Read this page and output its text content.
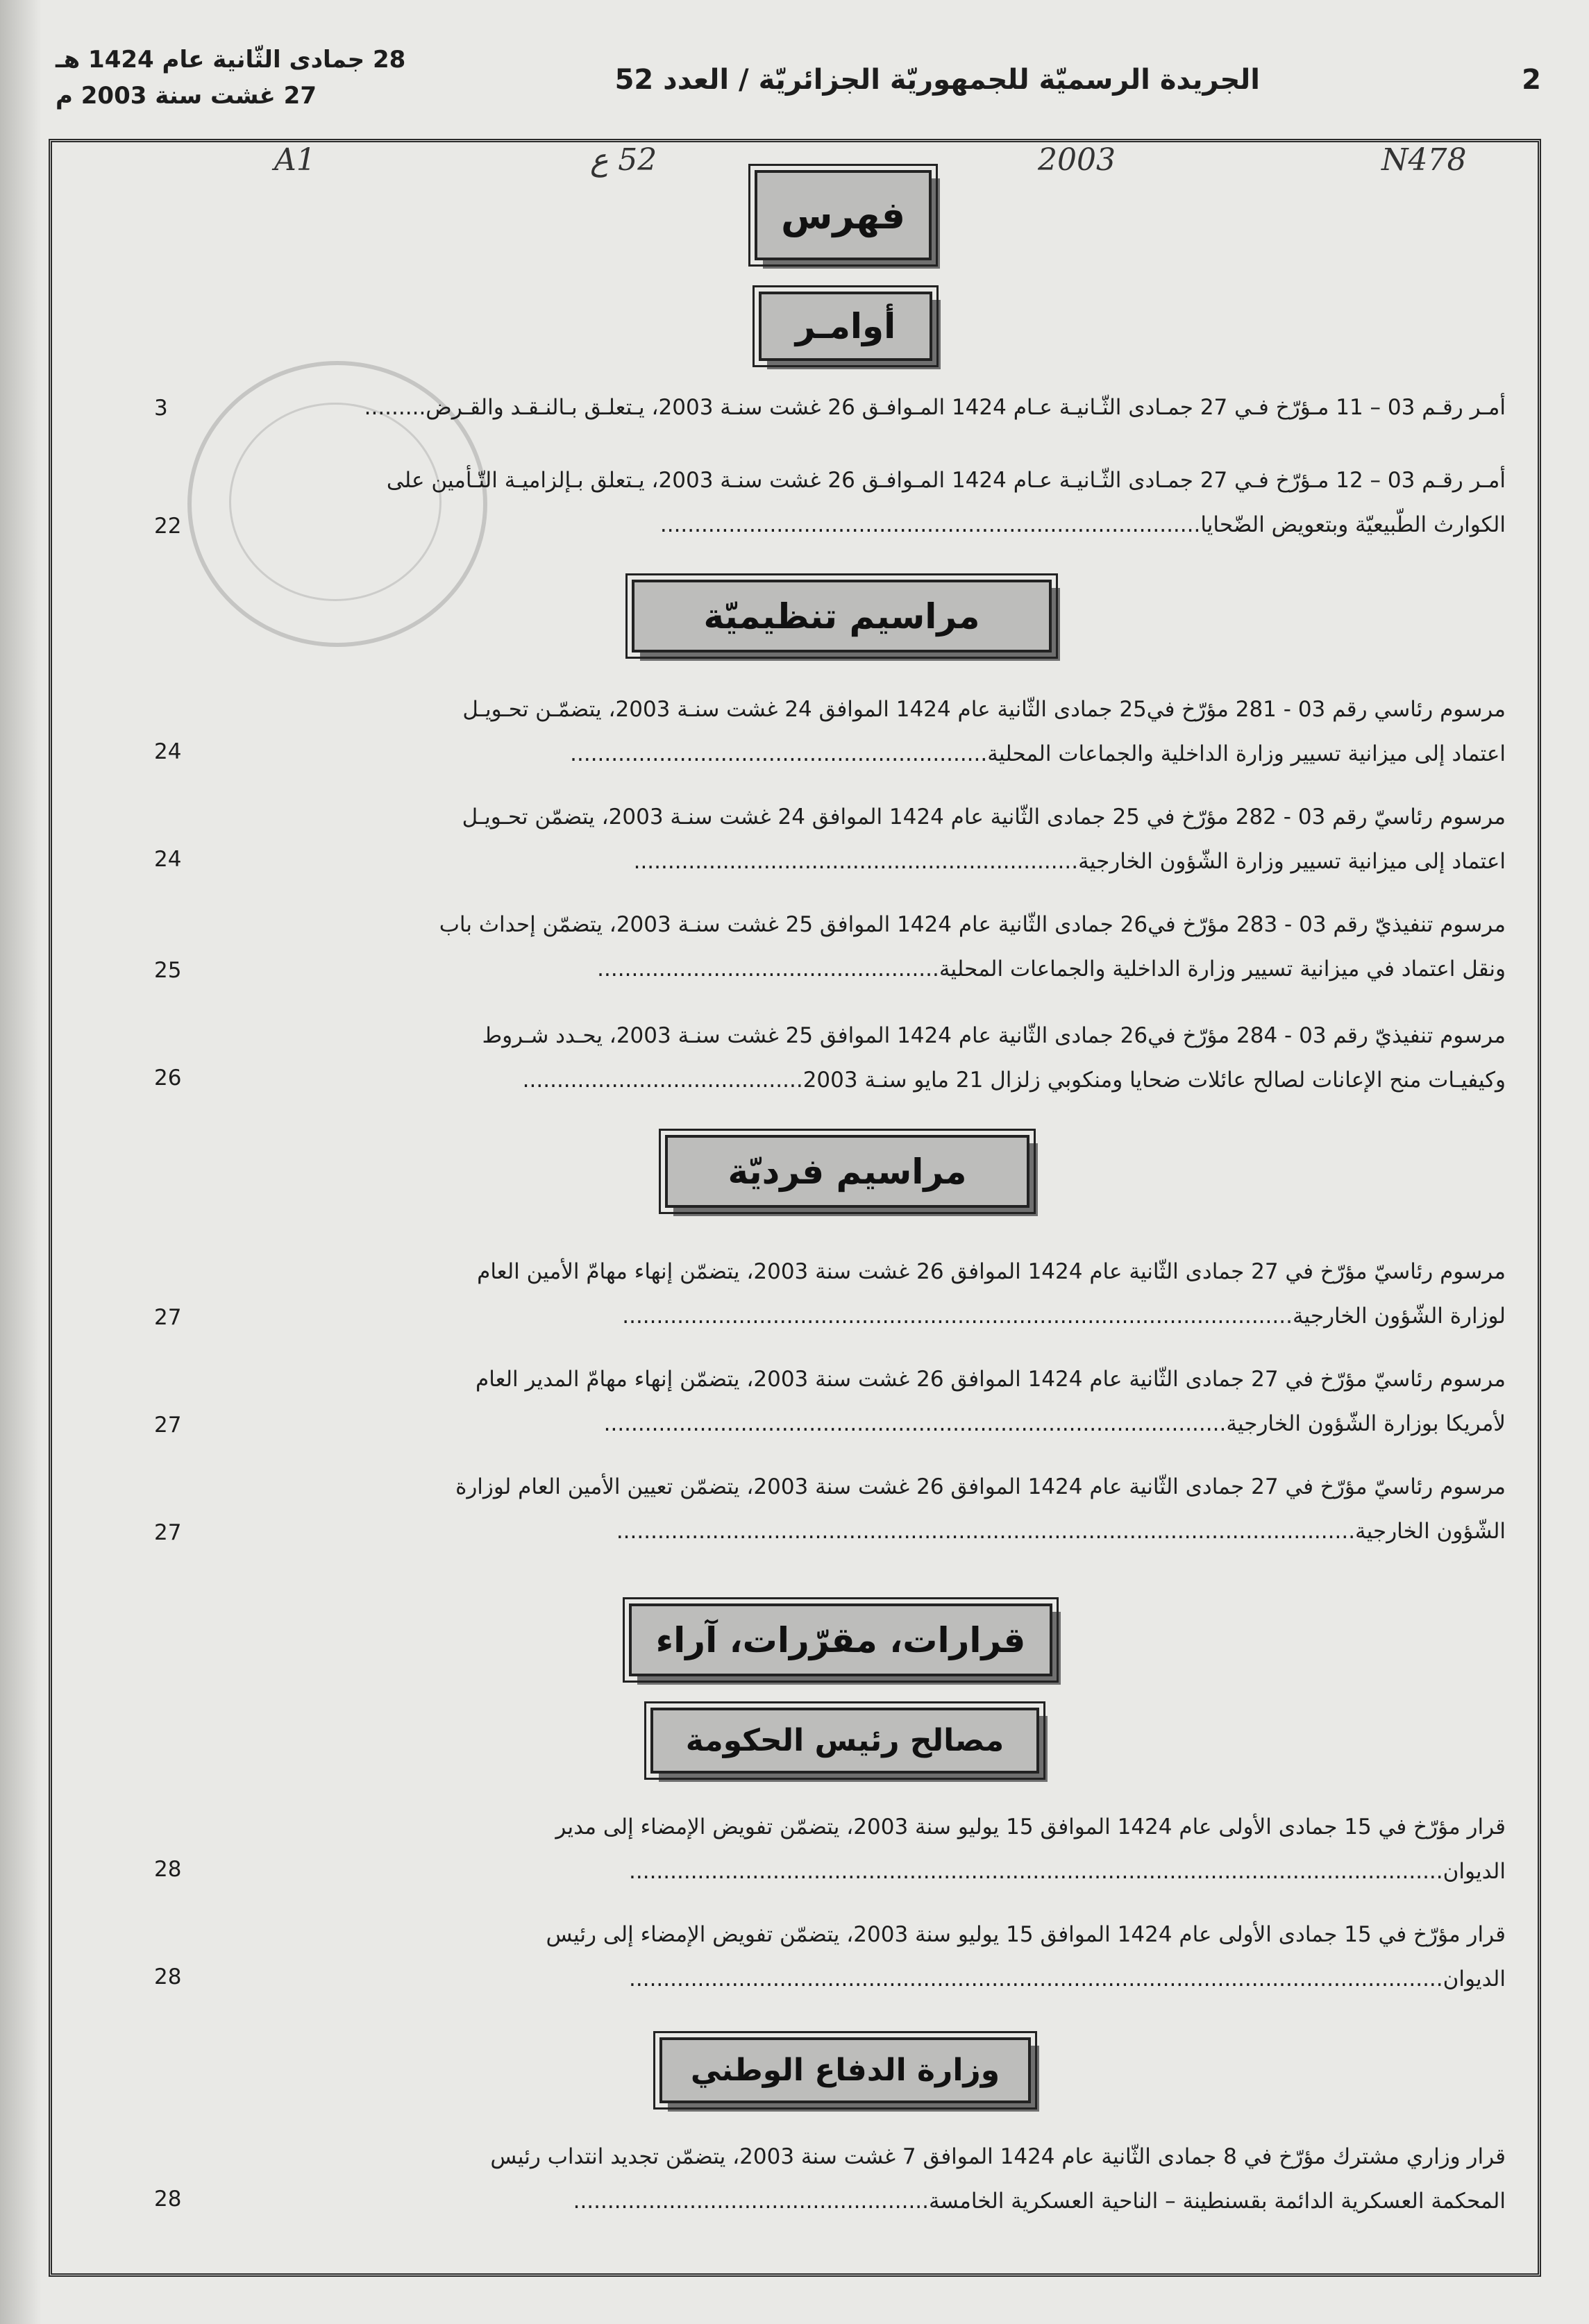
2
الجريدة الرسميّة للجمهوريّة الجزائريّة / العدد 52
28 جمادى الثّانية عام 1424 هـ
27 غشت سنة 2003 م
A1	52 ع	2003	N478
فهرس
أوامـر
مراسيم تنظيميّة
مراسيم فرديّة
قرارات، مقرّرات، آراء
مصالح رئيس الحكومة
وزارة الدفاع الوطني
أمـر رقـم 03 – 11 مـؤرّخ فـي 27 جمـادى الثّـانيـة عـام 1424 المـوافـق 26 غشت سنـة 2003، يـتعلـق بـالنـقـد والقـرض.........
3
أمـر رقـم 03 – 12 مـؤرّخ فـي 27 جمـادى الثّـانيـة عـام 1424 المـوافـق 26 غشت سنـة 2003، يـتعلق بـإلزاميـة التّـأمين على
الكوارث الطّبيعيّة وبتعويض الضّحايا...............................................................................
22
مرسوم رئاسي رقم 03 - 281 مؤرّخ في25 جمادى الثّانية عام 1424 الموافق 24 غشت سنـة 2003، يتضمّـن تحـويـل
اعتماد إلى ميزانية تسيير وزارة الداخلية والجماعات المحلية.............................................................
24
مرسوم رئاسيّ رقم 03 - 282 مؤرّخ في 25 جمادى الثّانية عام 1424 الموافق 24 غشت سنـة 2003، يتضمّن تحـويـل
اعتماد إلى ميزانية تسيير وزارة الشّؤون الخارجية.................................................................
24
مرسوم تنفيذيّ رقم 03 - 283 مؤرّخ في26 جمادى الثّانية عام 1424 الموافق 25 غشت سنـة 2003، يتضمّن إحداث باب
ونقل اعتماد في ميزانية تسيير وزارة الداخلية والجماعات المحلية..................................................
25
مرسوم تنفيذيّ رقم 03 - 284 مؤرّخ في26 جمادى الثّانية عام 1424 الموافق 25 غشت سنـة 2003، يحـدد شـروط
وكيفيـات منح الإعانات لصالح عائلات ضحايا ومنكوبي زلزال 21 مايو سنـة 2003.........................................
26
مرسوم رئاسيّ مؤرّخ في 27 جمادى الثّانية عام 1424 الموافق 26 غشت سنة 2003، يتضمّن إنهاء مهامّ الأمين العام
لوزارة الشّؤون الخارجية..................................................................................................
27
مرسوم رئاسيّ مؤرّخ في 27 جمادى الثّانية عام 1424 الموافق 26 غشت سنة 2003، يتضمّن إنهاء مهامّ المدير العام
لأمريكا بوزارة الشّؤون الخارجية...........................................................................................
27
مرسوم رئاسيّ مؤرّخ في 27 جمادى الثّانية عام 1424 الموافق 26 غشت سنة 2003، يتضمّن تعيين الأمين العام لوزارة
الشّؤون الخارجية............................................................................................................
27
قرار مؤرّخ في 15 جمادى الأولى عام 1424 الموافق 15 يوليو سنة 2003، يتضمّن تفويض الإمضاء إلى مدير
الديوان.......................................................................................................................
28
قرار مؤرّخ في 15 جمادى الأولى عام 1424 الموافق 15 يوليو سنة 2003، يتضمّن تفويض الإمضاء إلى رئيس
الديوان.......................................................................................................................
28
قرار وزاري مشترك مؤرّخ في 8 جمادى الثّانية عام 1424 الموافق 7 غشت سنة 2003، يتضمّن تجديد انتداب رئيس
المحكمة العسكرية الدائمة بقسنطينة – الناحية العسكرية الخامسة....................................................
28
